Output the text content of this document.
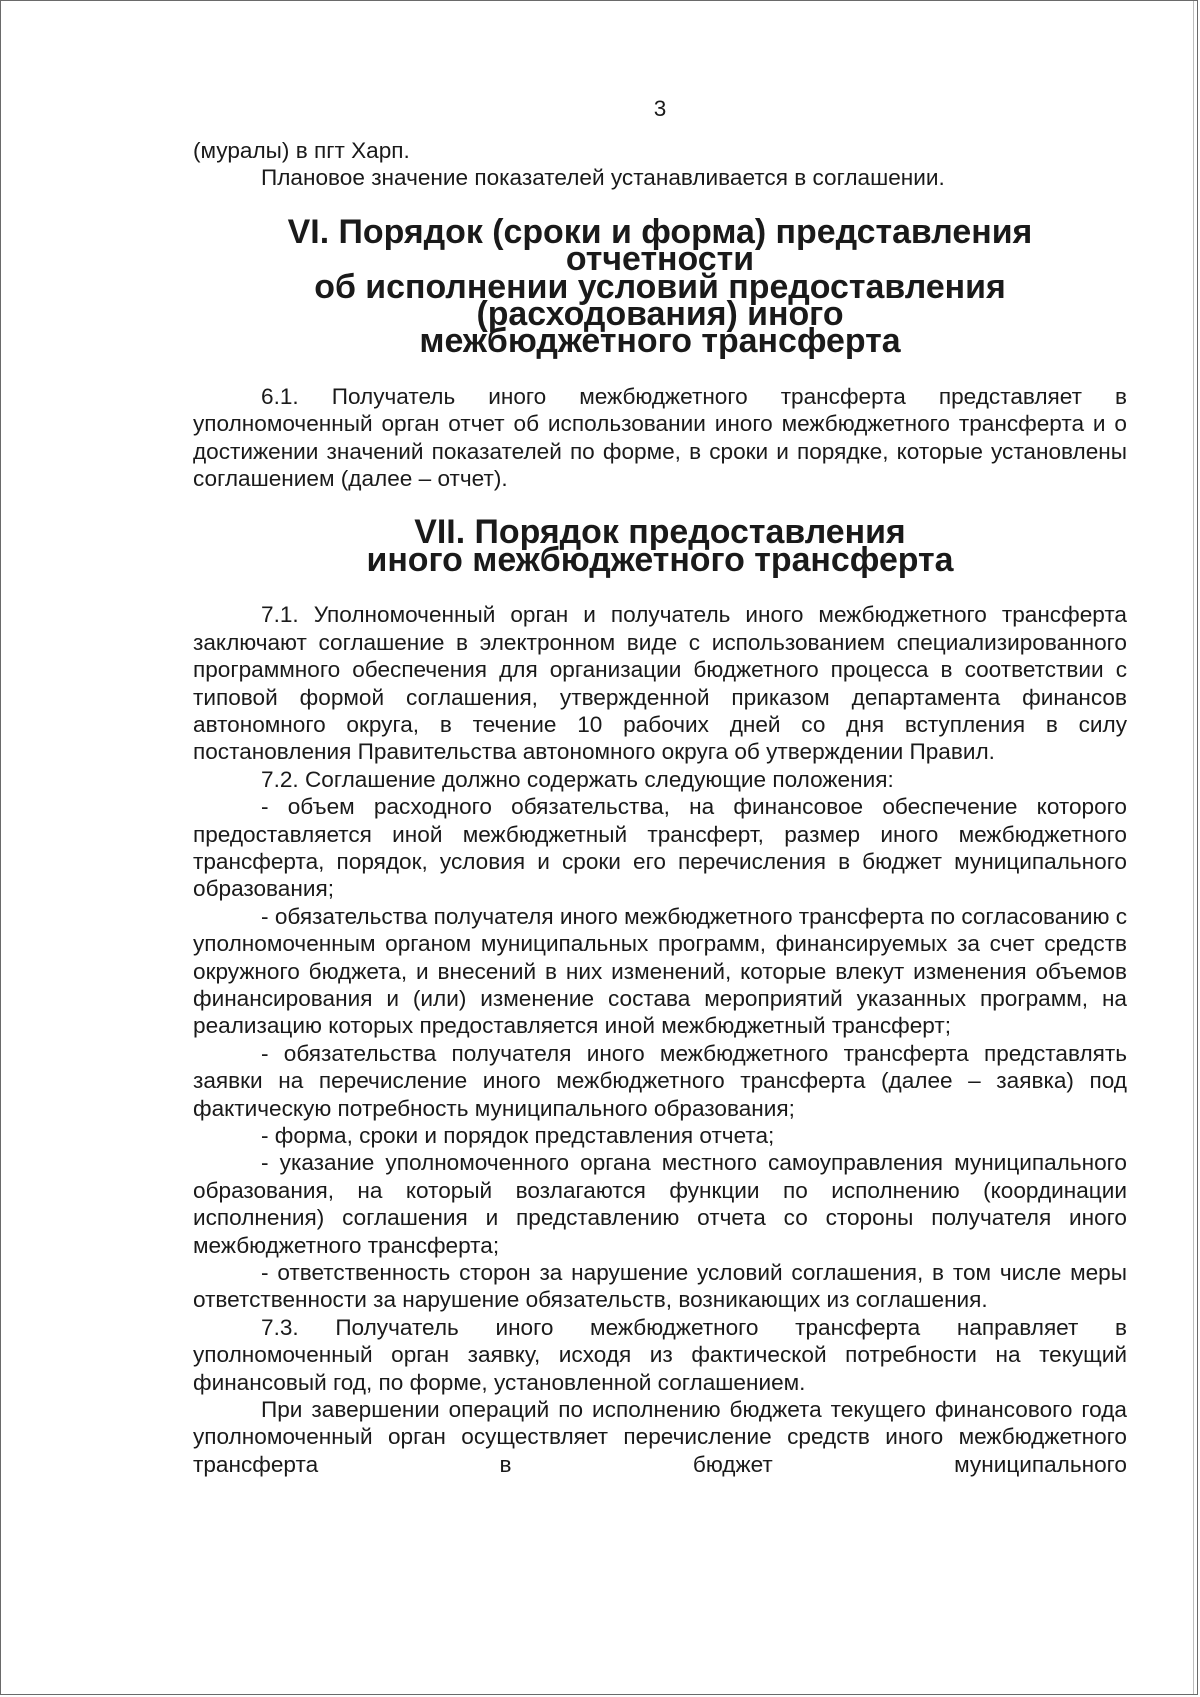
3

(муралы) в пгт Харп.

Плановое значение показателей устанавливается в соглашении.

VI. Порядок (сроки и форма) представления отчетности
об исполнении условий предоставления (расходования) иного
межбюджетного трансферта

6.1. Получатель иного межбюджетного трансферта представляет в уполномоченный орган отчет об использовании иного межбюджетного трансферта и о достижении значений показателей по форме, в сроки и порядке, которые установлены соглашением (далее – отчет).

VII. Порядок предоставления
иного межбюджетного трансферта

7.1. Уполномоченный орган и получатель иного межбюджетного трансферта заключают соглашение в электронном виде с использованием специализированного программного обеспечения для организации бюджетного процесса в соответствии с типовой формой соглашения, утвержденной приказом департамента финансов автономного округа, в течение 10 рабочих дней со дня вступления в силу постановления Правительства автономного округа об утверждении Правил.

7.2. Соглашение должно содержать следующие положения:

- объем расходного обязательства, на финансовое обеспечение которого предоставляется иной межбюджетный трансферт, размер иного межбюджетного трансферта, порядок, условия и сроки его перечисления в бюджет муниципального образования;

- обязательства получателя иного межбюджетного трансферта по согласованию с уполномоченным органом муниципальных программ, финансируемых за счет средств окружного бюджета, и внесений в них изменений, которые влекут изменения объемов финансирования и (или) изменение состава мероприятий указанных программ, на реализацию которых предоставляется иной межбюджетный трансферт;

- обязательства получателя иного межбюджетного трансферта представлять заявки на перечисление иного межбюджетного трансферта (далее – заявка) под фактическую потребность муниципального образования;

- форма, сроки и порядок представления отчета;

- указание уполномоченного органа местного самоуправления муниципального образования, на который возлагаются функции по исполнению (координации исполнения) соглашения и представлению отчета со стороны получателя иного межбюджетного трансферта;

- ответственность сторон за нарушение условий соглашения, в том числе меры ответственности за нарушение обязательств, возникающих из соглашения.

7.3. Получатель иного межбюджетного трансферта направляет в уполномоченный орган заявку, исходя из фактической потребности на текущий финансовый год, по форме, установленной соглашением.

При завершении операций по исполнению бюджета текущего финансового года уполномоченный орган осуществляет перечисление средств иного межбюджетного трансферта в бюджет муниципального
